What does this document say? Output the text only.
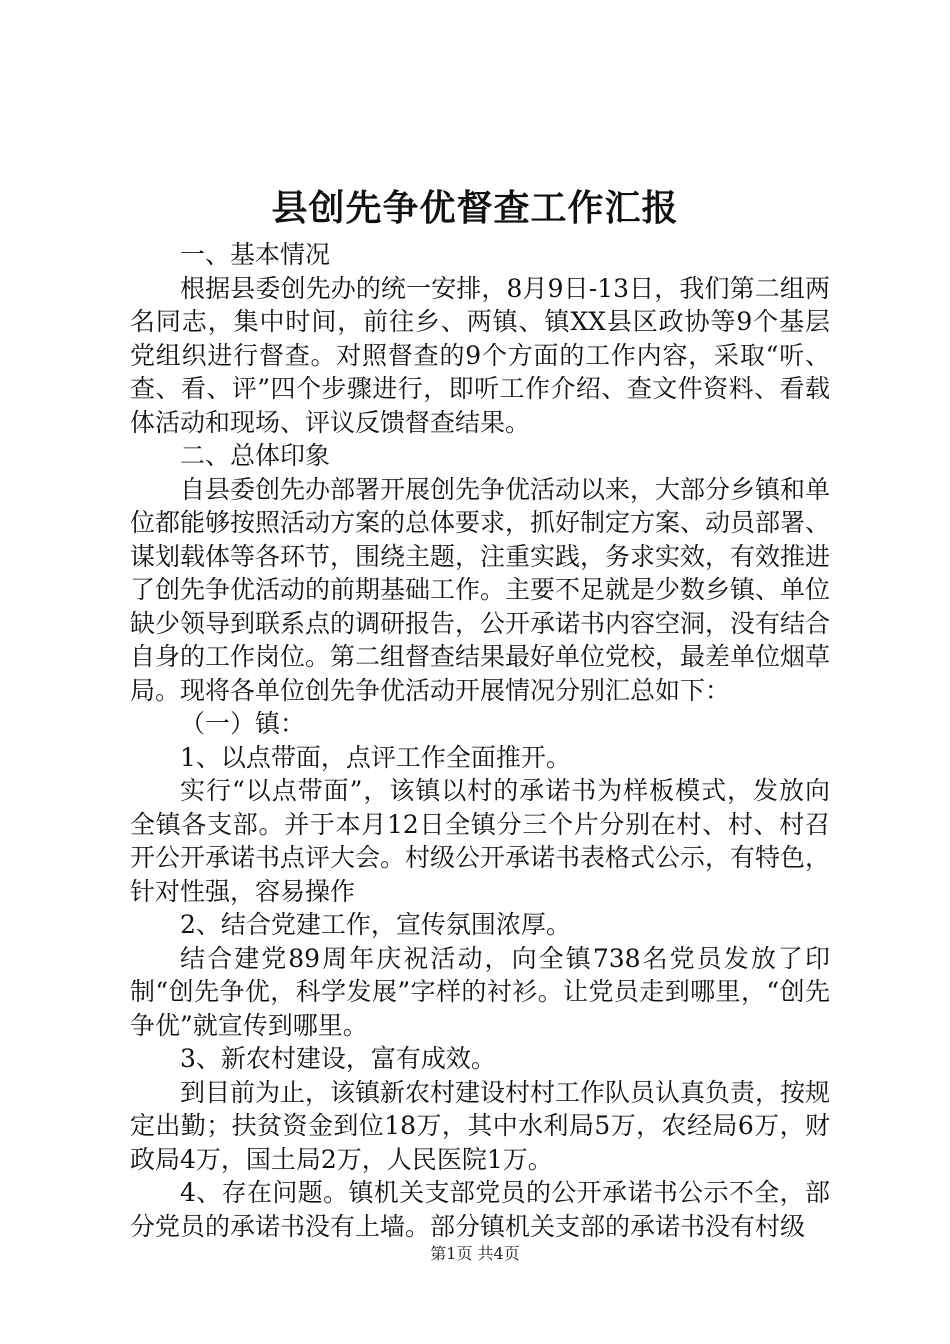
县创先争优督查工作汇报

一、基本情况

根据县委创先办的统一安排，8月9日-13日，我们第二组两名同志，集中时间，前往乡、两镇、镇XX县区政协等9个基层党组织进行督查。对照督查的9个方面的工作内容，采取“听、查、看、评”四个步骤进行，即听工作介绍、查文件资料、看载体活动和现场、评议反馈督查结果。

二、总体印象

自县委创先办部署开展创先争优活动以来，大部分乡镇和单位都能够按照活动方案的总体要求，抓好制定方案、动员部署、谋划载体等各环节，围绕主题，注重实践，务求实效，有效推进了创先争优活动的前期基础工作。主要不足就是少数乡镇、单位缺少领导到联系点的调研报告，公开承诺书内容空洞，没有结合自身的工作岗位。第二组督查结果最好单位党校，最差单位烟草局。现将各单位创先争优活动开展情况分别汇总如下：

（一）镇：

1、以点带面，点评工作全面推开。

实行“以点带面”，该镇以村的承诺书为样板模式，发放向全镇各支部。并于本月12日全镇分三个片分别在村、村、村召开公开承诺书点评大会。村级公开承诺书表格式公示，有特色，针对性强，容易操作

2、结合党建工作，宣传氛围浓厚。

结合建党89周年庆祝活动，向全镇738名党员发放了印制“创先争优，科学发展”字样的衬衫。让党员走到哪里，“创先争优”就宣传到哪里。

3、新农村建设，富有成效。

到目前为止，该镇新农村建设村村工作队员认真负责，按规定出勤；扶贫资金到位18万，其中水利局5万，农经局6万，财政局4万，国土局2万，人民医院1万。

4、存在问题。镇机关支部党员的公开承诺书公示不全，部分党员的承诺书没有上墙。部分镇机关支部的承诺书没有村级

第1页 共4页
